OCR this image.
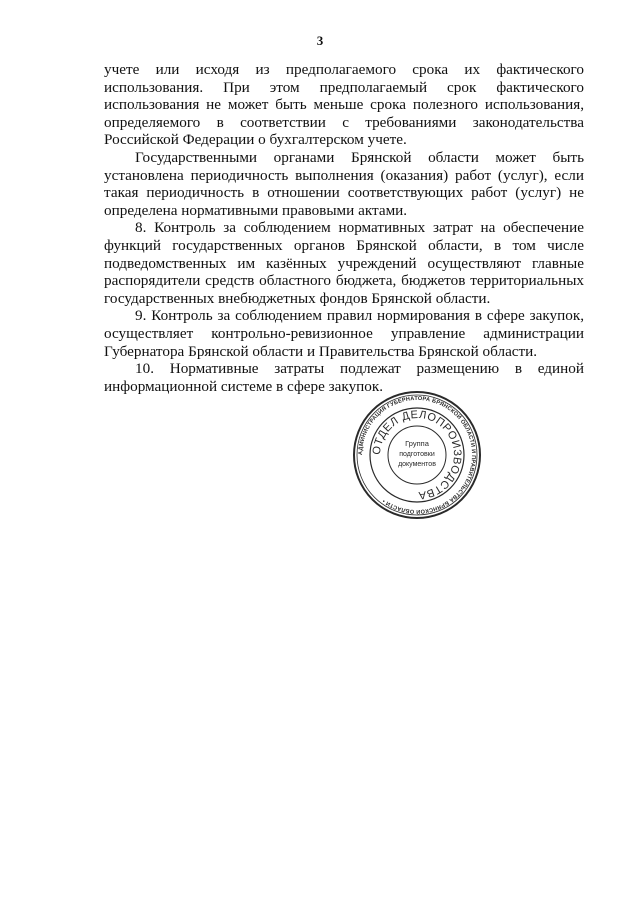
3

учете или исходя из предполагаемого срока их фактического использования. При этом предполагаемый срок фактического использования не может быть меньше срока полезного использования, определяемого в соответствии с требованиями законодательства Российской Федерации о бухгалтерском учете.

Государственными органами Брянской области может быть установлена периодичность выполнения (оказания) работ (услуг), если такая периодичность в отношении соответствующих работ (услуг) не определена нормативными правовыми актами.

8. Контроль за соблюдением нормативных затрат на обеспечение функций государственных органов Брянской области, в том числе подведомственных им казённых учреждений осуществляют главные распорядители средств областного бюджета, бюджетов территориальных государственных внебюджетных фондов Брянской области.

9. Контроль за соблюдением правил нормирования в сфере закупок, осуществляет контрольно-ревизионное управление администрации Губернатора Брянской области и Правительства Брянской области.

10. Нормативные затраты подлежат размещению в единой информационной системе в сфере закупок.

АДМИНИСТРАЦИЯ ГУБЕРНАТОРА БРЯНСКОЙ ОБЛАСТИ И ПРАВИТЕЛЬСТВА БРЯНСКОЙ ОБЛАСТИ •
ОТДЕЛ ДЕЛОПРОИЗВОДСТВА
Группа
подготовки
документов
